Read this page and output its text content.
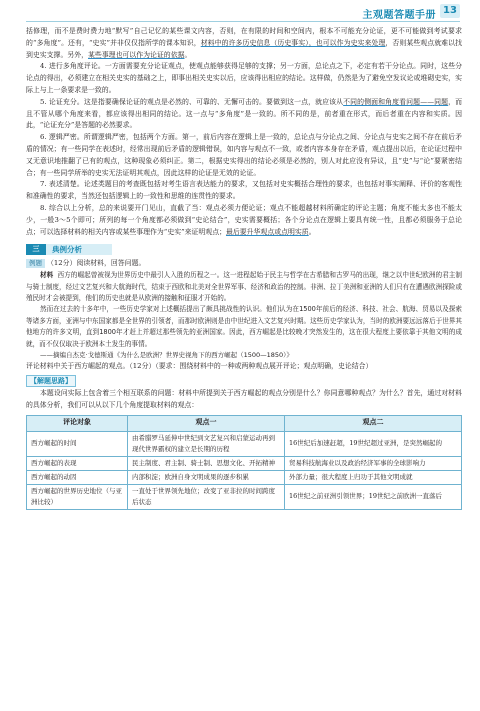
主观题答题手册 13

括修理，而不是费时费力地“默写”自己记忆的某些课文内容，否则，在有限的时间和空间内，根本不可能充分论证，更不可能做到考试要求的“多角度”。还有，“史实”并非仅仅指所学的课本知识，材料中的许多历史信息（历史事实），也可以作为史实来处理，否则某些观点就难以找到史实支撑。另外，某些事理也可以作为论证的依据。

4. 进行多角度评论。一方面需要充分论证观点，使观点能够获得足够的支撑；另一方面，总论点之下，必定有若干分论点。同时，这些分论点的得出，必须建立在相关史实的基础之上，即事出相关史实以后，应该得出相应的结论。这样做，仍然是为了避免空发议论或堆砌史实，实际上与上一条要求是一致的。

5. 论证充分。这是指要确保论证的观点是必然的、可靠的、无懈可击的。要做到这一点，就应该从不同的侧面和角度看问题——同题，而且不管从哪个角度来看，都应该得出相同的结论。这一点与“多角度”是一致的。所不同的是，前者重在形式，而后者重在内容和实质。因此，“论证充分”是答题的必然要求。

6. 逻辑严密。所谓逻辑严密，包括两个方面。第一，前后内容在逻辑上是一致的，总论点与分论点之间、分论点与史实之间不存在前后矛盾的情况；有一些同学在表述时，经常出现前后矛盾的逻辑错误，如内容与观点不一致，或者内容本身存在矛盾，观点提出以后，在论证过程中又无意识地推翻了已有的观点，这种现象必须纠正。第二，根据史实得出的结论必须是必然的，别人对此应没有异议，且“史”与“论”要紧密结合；有一些同学所举的史实无法证明其观点，因此这样的论证是无效的论证。

7. 表述清楚。论述类题目的考查既包括对考生语言表达能力的要求，又包括对史实概括合理性的要求，也包括对事实阐释、评价的客观性和准确性的要求，当然还包括逻辑上的一致性和思维的连贯性的要求。

8. 综合以上分析，总的来说要开门见山，直截了当：观点必须力便论证；观点不能超越材料所确定的评论主题；角度不能太多也不能太少，一般3～5个即可；所列的每一个角度都必须做到“史论结合”，史实需要概括；各个分论点在逻辑上要具有统一性，且都必须服务于总论点；可以选择材料的相关内容或某些事理作为“史实”来证明观点；最后要升华观点或点明实质。

三	典例分析

例题 （12分）阅读材料，回答问题。

材料 西方的崛起曾被视为世界历史中最引人入胜的历程之一。这一进程起始于民主与哲学在古希腊和古罗马的出现，继之以中世纪欧洲的君主制与骑士制度，经过文艺复兴和大航海时代，结束于西欧和北美对全世界军事、经济和政治的控制。非洲、拉丁美洲和亚洲的人们只有在遭遇欧洲探险或殖民时才会被提到，他们的历史也就是从欧洲的接触和征服才开始的。

然而在过去的十多年中，一些历史学家对上述概括提出了颇具挑战性的认识。他们认为在1500年前后的经济、科技、社会、航海、贸易以及探索等诸多方面，亚洲与中东国家都是全世界的引领者，而那时欧洲则是由中世纪进入文艺复兴时期。这些历史学家认为，当时的欧洲要远远落后于世界其他地方的许多文明，直到1800年才赶上并超过那些领先的亚洲国家。因此，西方崛起是比较晚才突然发生的，这在很大程度上要依靠于其他文明的成就，而不仅仅取决于欧洲本土发生的事情。

——摘编自杰克·戈德斯通《为什么是欧洲？世界史视角下的西方崛起（1500—1850）》

评论材料中关于西方崛起的观点。（12分）（要求：围绕材料中的一种或两种观点展开评论；观点明确，史论结合）

【解题思路】

本题设问实际上包含着三个相互联系的问题：材料中所提到关于西方崛起的观点分别是什么？你同意哪种观点？为什么？首先，通过对材料的具体分析，我们可以从以下几个角度提取材料的观点：

评论对象	观点一	观点二
西方崛起的时间	由希腊罗马延伸中世纪到文艺复兴和启蒙运动再到现代世界霸权的建立是长期的历程	16世纪后加速赶超，19世纪超过亚洲，是突然崛起的
西方崛起的表现	民主制度、君主制、骑士制、思想文化、开拓精神	贸易科技航海业以及政治经济军事的全球影响力
西方崛起的动因	内部积淀；欧洲自身文明成果的逐步积累	外部力量；很大程度上归功于其他文明成就
西方崛起的世界历史地位（与亚洲比较）	一直处于世界领先地位；改变了亚非拉的时间跨度后状态	16世纪之前亚洲引领世界；19世纪之前欧洲一直落后
